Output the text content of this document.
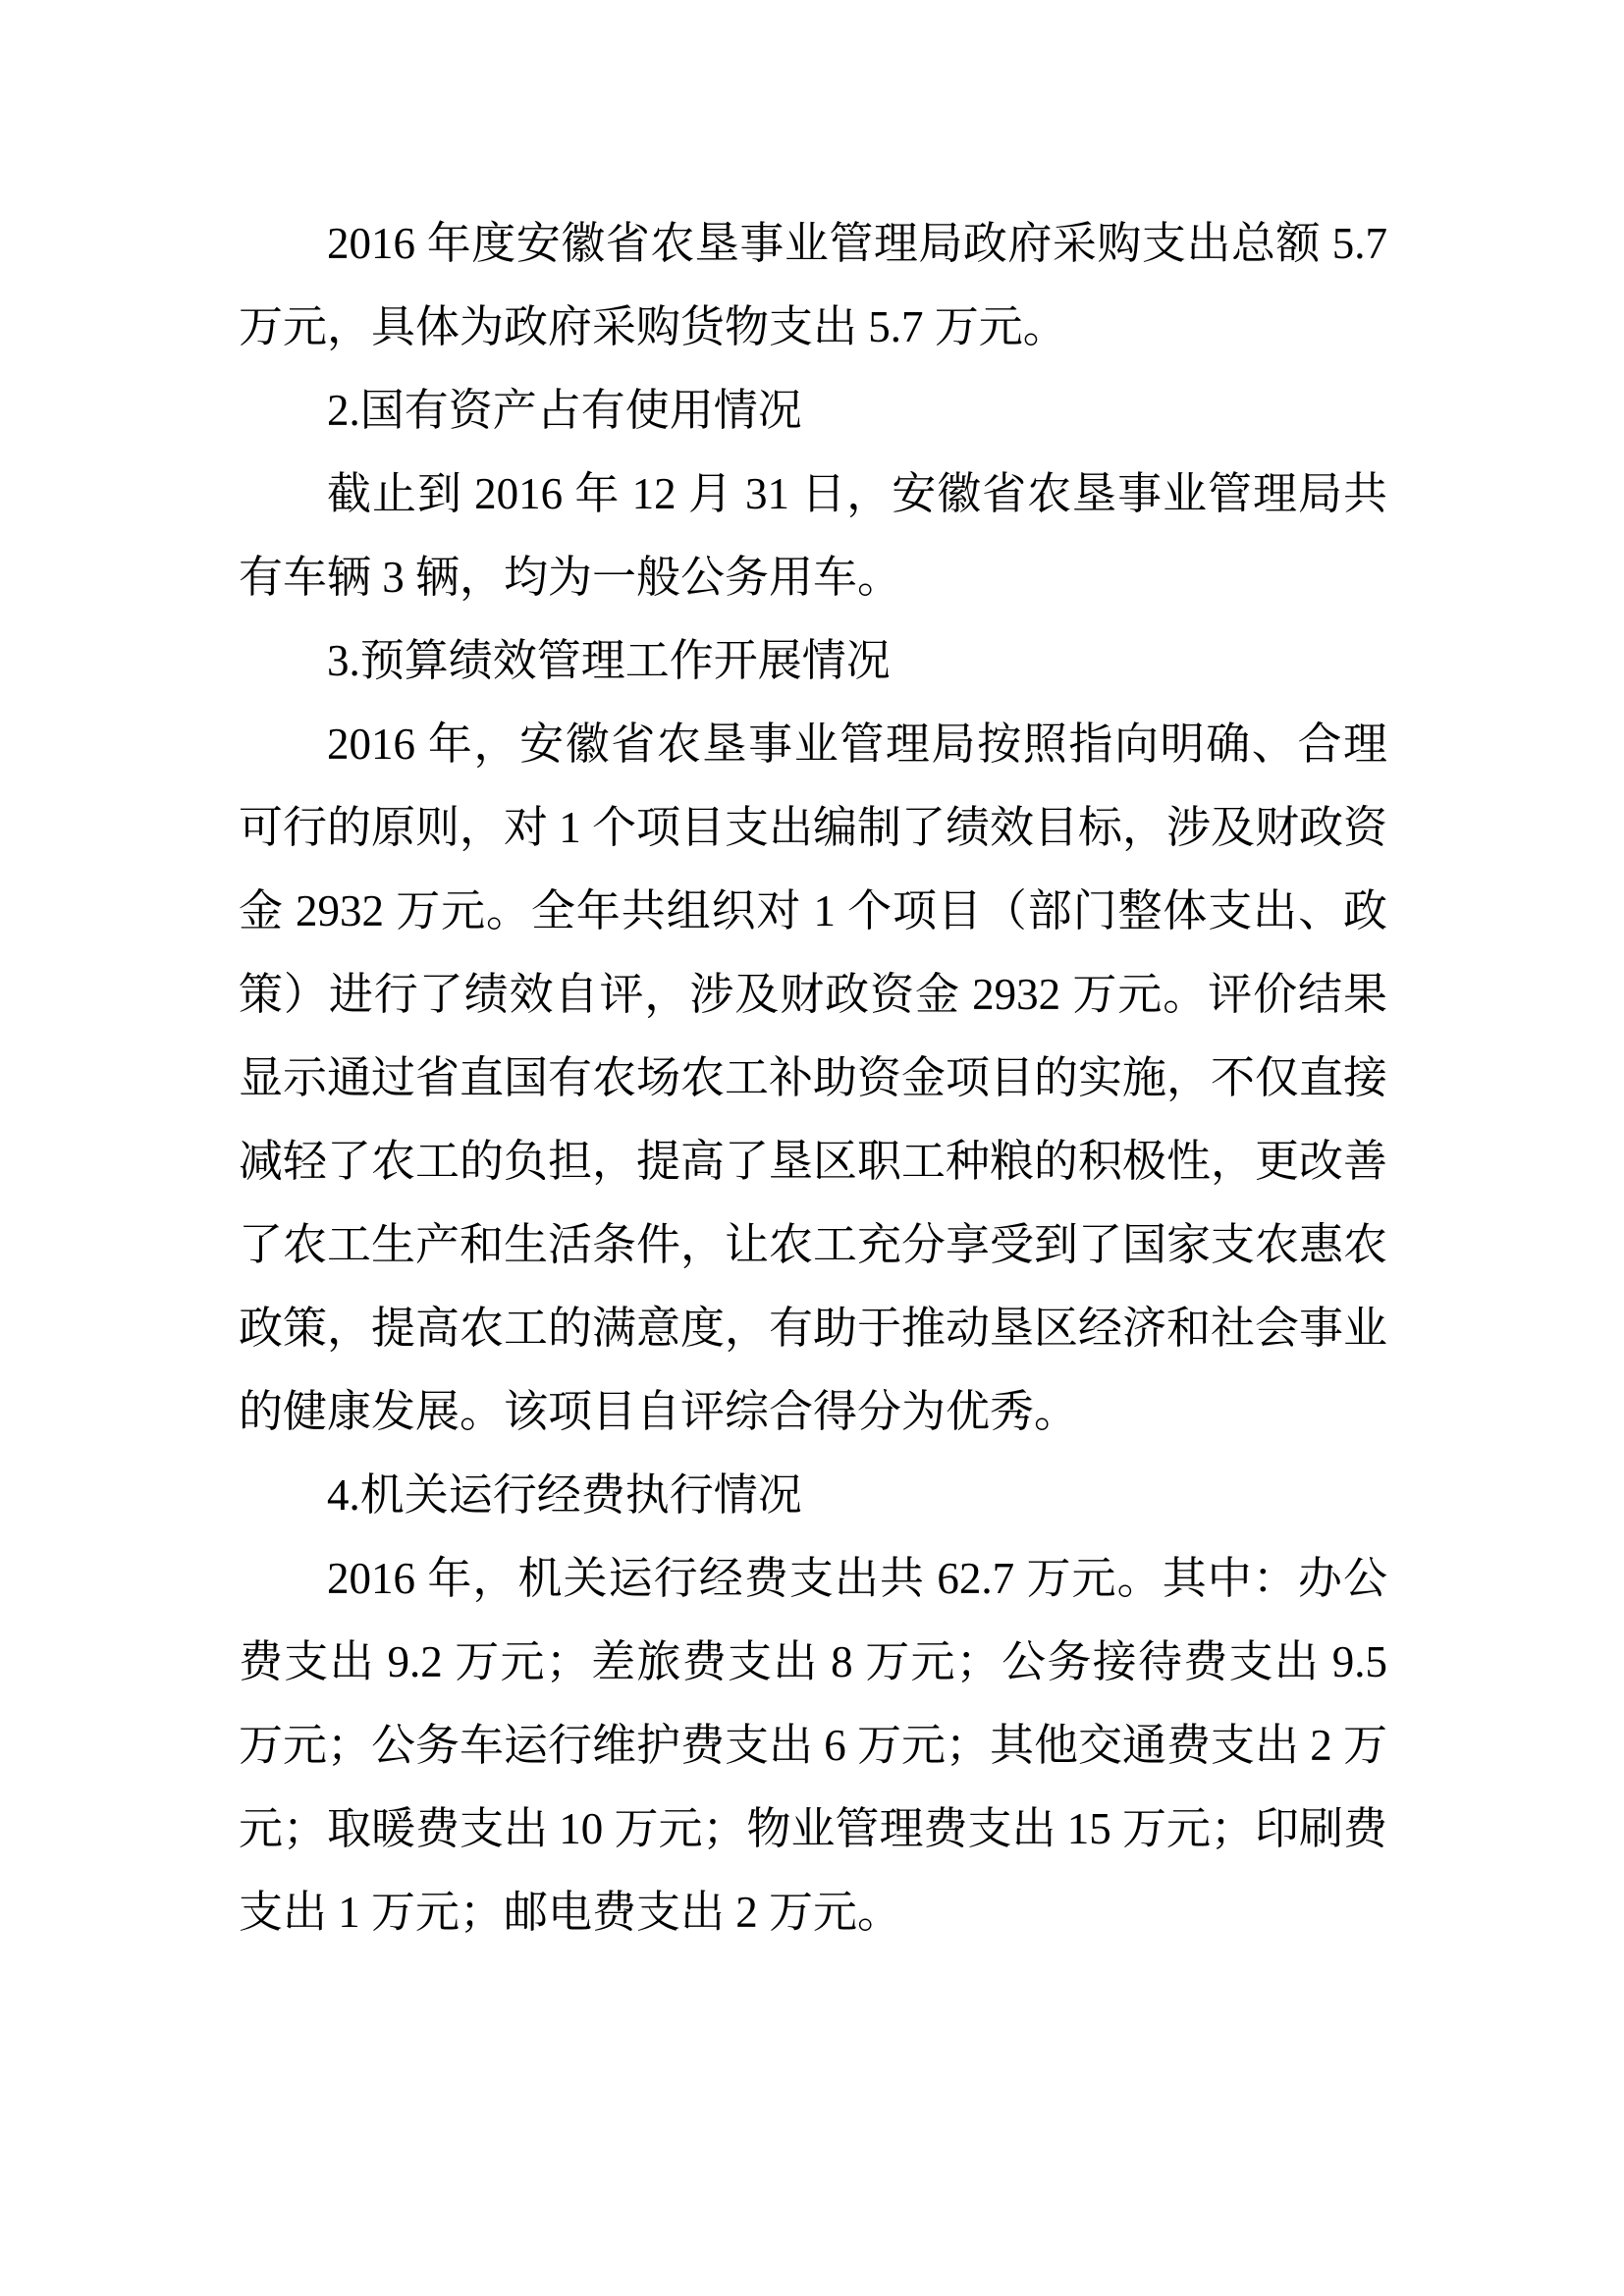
2016 年度安徽省农垦事业管理局政府采购支出总额 5.7 万元，具体为政府采购货物支出 5.7 万元。

2.国有资产占有使用情况

截止到 2016 年 12 月 31 日，安徽省农垦事业管理局共有车辆 3 辆，均为一般公务用车。

3.预算绩效管理工作开展情况

2016 年，安徽省农垦事业管理局按照指向明确、合理可行的原则，对 1 个项目支出编制了绩效目标，涉及财政资金 2932 万元。全年共组织对 1 个项目（部门整体支出、政策）进行了绩效自评，涉及财政资金 2932 万元。评价结果显示通过省直国有农场农工补助资金项目的实施，不仅直接减轻了农工的负担，提高了垦区职工种粮的积极性，更改善了农工生产和生活条件，让农工充分享受到了国家支农惠农政策，提高农工的满意度，有助于推动垦区经济和社会事业的健康发展。该项目自评综合得分为优秀。

4.机关运行经费执行情况

2016 年，机关运行经费支出共 62.7 万元。其中：办公费支出 9.2 万元；差旅费支出 8 万元；公务接待费支出 9.5 万元；公务车运行维护费支出 6 万元；其他交通费支出 2 万元；取暖费支出 10 万元；物业管理费支出 15 万元；印刷费支出 1 万元；邮电费支出 2 万元。
